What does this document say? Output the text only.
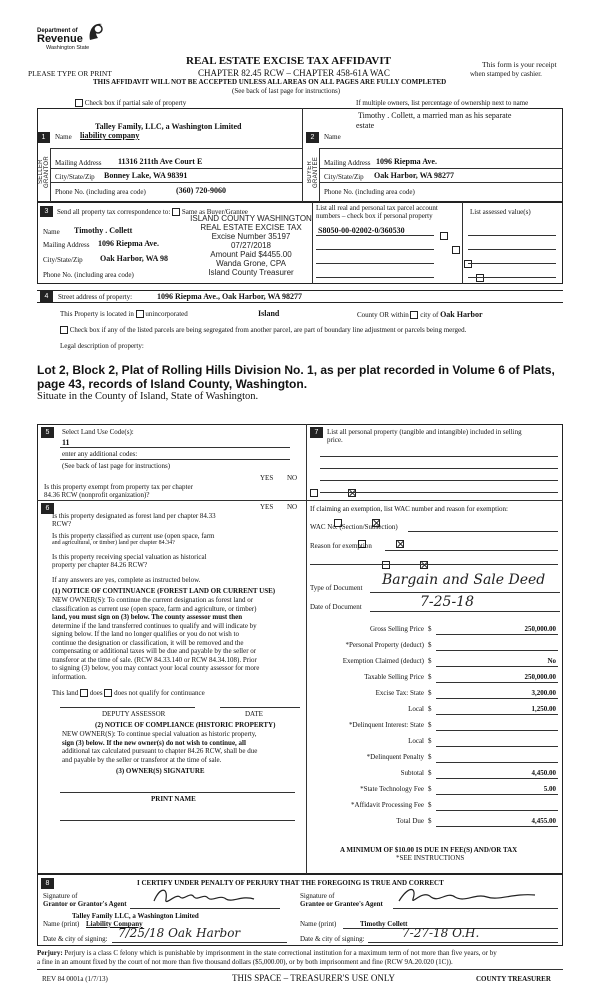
Department of
Revenue
Washington State
REAL ESTATE EXCISE TAX AFFIDAVIT
CHAPTER 82.45 RCW – CHAPTER 458-61A WAC
PLEASE TYPE OR PRINT
This form is your receipt
when stamped by cashier.
THIS AFFIDAVIT WILL NOT BE ACCEPTED UNLESS ALL AREAS ON ALL PAGES ARE FULLY COMPLETED
(See back of last page for instructions)
Check box if partial sale of property	If multiple owners, list percentage of ownership next to name
1	2
SELLER GRANTOR	BUYER GRANTEE
Talley Family, LLC, a Washington Limited
Name liability company
Mailing Address 11316 211th Ave Court E
City/State/Zip Bonney Lake, WA 98391
Phone No. (including area code)	(360) 720-9060
Timothy . Collett, a married man as his separate
estate
Name
Mailing Address 1096 Riepma Ave.
City/State/Zip Oak Harbor, WA 98277
Phone No. (including area code)
3	Send all property tax correspondence to: Same as Buyer/Grantee	List all real and personal tax parcel account
numbers – check box if personal property	List assessed value(s)
Name Timothy . Collett
Mailing Address 1096 Riepma Ave.
City/State/Zip Oak Harbor, WA 98
Phone No. (including area code)
S8050-00-02002-0/360530

ISLAND COUNTY WASHINGTON
REAL ESTATE EXCISE TAX
Excise Number 35197
07/27/2018
Amount Paid $4455.00
Wanda Grone, CPA
Island County Treasurer
4	Street address of property:	1096 Riepma Ave., Oak Harbor, WA 98277
This Property is located in unincorporated	Island	County OR within city of Oak Harbor
Check box if any of the listed parcels are being segregated from another parcel, are part of boundary line adjustment or parcels being merged.
Legal description of property:
Lot 2, Block 2, Plat of Rolling Hills Division No. 1, as per plat recorded in Volume 6 of Plats, page 43, records of Island County, Washington.
Situate in the County of Island, State of Washington.
5	Select Land Use Code(s):
11
enter any additional codes:
(See back of last page for instructions)
YES NO
Is this property exempt from property tax per chapter
84.36 RCW (nonprofit organization)?

6	YES NO
Is this property designated as forest land per chapter 84.33
RCW?

Is this property classified as current use (open space, farm
and agricultural, or timber) land per chapter 84.34?

Is this property receiving special valuation as historical
property per chapter 84.26 RCW?

If any answers are yes, complete as instructed below.
(1) NOTICE OF CONTINUANCE (FOREST LAND OR CURRENT USE)
NEW OWNER(S): To continue the current designation as forest land or
classification as current use (open space, farm and agriculture, or timber)
land, you must sign on (3) below. The county assessor must then
determine if the land transferred continues to qualify and will indicate by
signing below. If the land no longer qualifies or you do not wish to
continue the designation or classification, it will be removed and the
compensating or additional taxes will be due and payable by the seller or
transferor at the time of sale. (RCW 84.33.140 or RCW 84.34.108). Prior
to signing (3) below, you may contact your local county assessor for more
information.
This land does does not qualify for continuance
DEPUTY ASSESSOR	DATE
(2) NOTICE OF COMPLIANCE (HISTORIC PROPERTY)
NEW OWNER(S): To continue special valuation as historic property,
sign (3) below. If the new owner(s) do not wish to continue, all
additional tax calculated pursuant to chapter 84.26 RCW, shall be due
and payable by the seller or transferor at the time of sale.
(3) OWNER(S) SIGNATURE
PRINT NAME
7	List all personal property (tangible and intangible) included in selling
price.
If claiming an exemption, list WAC number and reason for exemption:
WAC No. (Section/Subsection)
Reason for exemption
Type of Document Bargain and Sale Deed
Date of Document	7-25-18
Gross Selling Price $	250,000.00
*Personal Property (deduct) $
Exemption Claimed (deduct) $	No
Taxable Selling Price $	250,000.00
Excise Tax: State $	3,200.00
Local $	1,250.00
*Delinquent Interest: State $
Local $
*Delinquent Penalty $
Subtotal $	4,450.00
*State Technology Fee $	5.00
*Affidavit Processing Fee $
Total Due $	4,455.00
A MINIMUM OF $10.00 IS DUE IN FEE(S) AND/OR TAX
*SEE INSTRUCTIONS
8	I CERTIFY UNDER PENALTY OF PERJURY THAT THE FOREGOING IS TRUE AND CORRECT
Signature of
Grantor or Grantor's Agent
Talley Family LLC, a Washington Limited
Name (print) Liability Company
Date & city of signing: 7/25/18 Oak Harbor
Signature of
Grantee or Grantee's Agent
Name (print)	Timothy Collett
Date & city of signing:	7-27-18 O.H.
Perjury: Perjury is a class C felony which is punishable by imprisonment in the state correctional institution for a maximum term of not more than five years, or by
a fine in an amount fixed by the court of not more than five thousand dollars ($5,000.00), or by both imprisonment and fine (RCW 9A.20.020 (1C)).
REV 84 0001a (1/7/13)	THIS SPACE – TREASURER'S USE ONLY	COUNTY TREASURER
